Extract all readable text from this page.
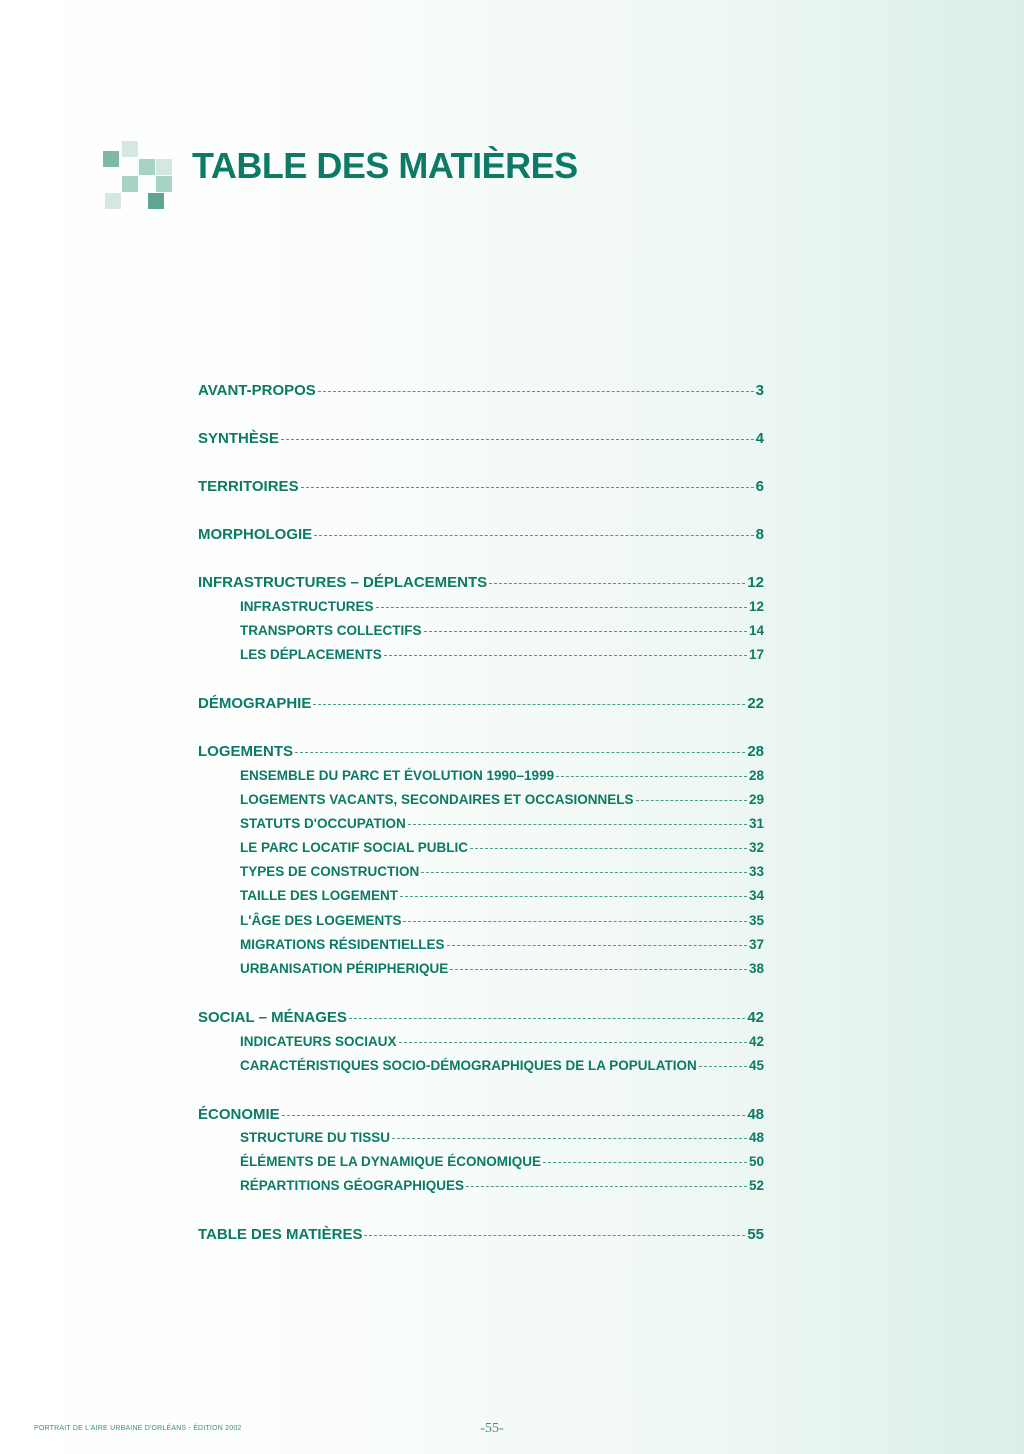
TABLE DES MATIÈRES
AVANT-PROPOS	3
SYNTHÈSE	4
TERRITOIRES	6
MORPHOLOGIE	8
INFRASTRUCTURES – DÉPLACEMENTS	12
INFRASTRUCTURES	12
TRANSPORTS COLLECTIFS	14
LES DÉPLACEMENTS	17
DÉMOGRAPHIE	22
LOGEMENTS	28
ENSEMBLE DU PARC ET ÉVOLUTION 1990–1999	28
LOGEMENTS VACANTS, SECONDAIRES ET OCCASIONNELS	29
STATUTS D'OCCUPATION	31
LE PARC LOCATIF SOCIAL PUBLIC	32
TYPES DE CONSTRUCTION	33
TAILLE DES LOGEMENT	34
L'ÂGE DES LOGEMENTS	35
MIGRATIONS RÉSIDENTIELLES	37
URBANISATION PÉRIPHERIQUE	38
SOCIAL – MÉNAGES	42
INDICATEURS SOCIAUX	42
CARACTÉRISTIQUES SOCIO-DÉMOGRAPHIQUES DE LA POPULATION	45
ÉCONOMIE	48
STRUCTURE DU TISSU	48
ÉLÉMENTS DE LA DYNAMIQUE ÉCONOMIQUE	50
RÉPARTITIONS GÉOGRAPHIQUES	52
TABLE DES MATIÈRES	55
PORTRAIT DE L'AIRE URBAINE D'ORLÉANS - ÉDITION 2002	-55-
